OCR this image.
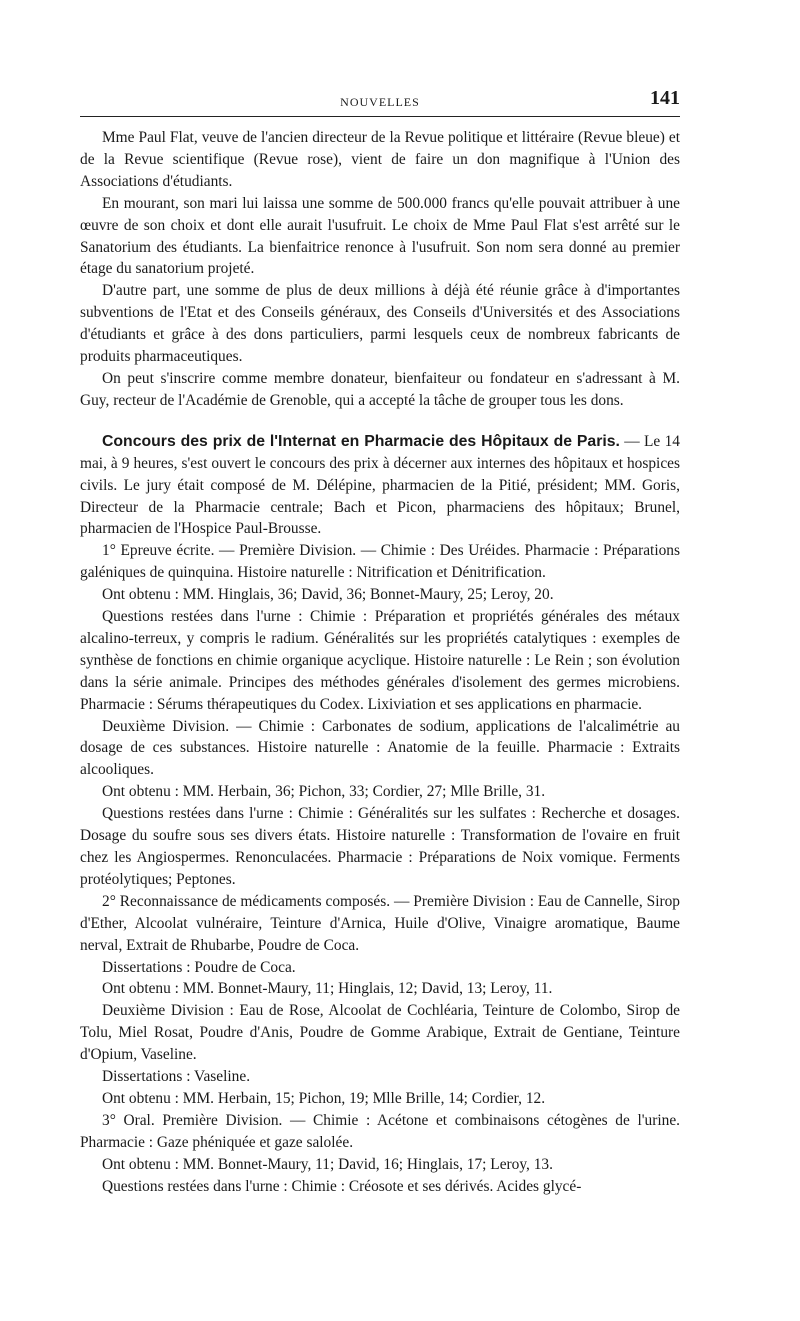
NOUVELLES	141

Mme Paul Flat, veuve de l'ancien directeur de la Revue politique et littéraire (Revue bleue) et de la Revue scientifique (Revue rose), vient de faire un don magnifique à l'Union des Associations d'étudiants.

En mourant, son mari lui laissa une somme de 500.000 francs qu'elle pouvait attribuer à une œuvre de son choix et dont elle aurait l'usufruit. Le choix de Mme Paul Flat s'est arrêté sur le Sanatorium des étudiants. La bienfaitrice renonce à l'usufruit. Son nom sera donné au premier étage du sanatorium projeté.

D'autre part, une somme de plus de deux millions à déjà été réunie grâce à d'importantes subventions de l'Etat et des Conseils généraux, des Conseils d'Universités et des Associations d'étudiants et grâce à des dons particuliers, parmi lesquels ceux de nombreux fabricants de produits pharmaceutiques.

On peut s'inscrire comme membre donateur, bienfaiteur ou fondateur en s'adressant à M. Guy, recteur de l'Académie de Grenoble, qui a accepté la tâche de grouper tous les dons.

Concours des prix de l'Internat en Pharmacie des Hôpitaux de Paris. — Le 14 mai, à 9 heures, s'est ouvert le concours des prix à décerner aux internes des hôpitaux et hospices civils. Le jury était composé de M. Délépine, pharmacien de la Pitié, président; MM. Goris, Directeur de la Pharmacie centrale; Bach et Picon, pharmaciens des hôpitaux; Brunel, pharmacien de l'Hospice Paul-Brousse.

1° Epreuve écrite. — Première Division. — Chimie : Des Uréides. Pharmacie : Préparations galéniques de quinquina. Histoire naturelle : Nitrification et Dénitrification.

Ont obtenu : MM. Hinglais, 36; David, 36; Bonnet-Maury, 25; Leroy, 20.

Questions restées dans l'urne : Chimie : Préparation et propriétés générales des métaux alcalino-terreux, y compris le radium. Généralités sur les propriétés catalytiques : exemples de synthèse de fonctions en chimie organique acyclique. Histoire naturelle : Le Rein ; son évolution dans la série animale. Principes des méthodes générales d'isolement des germes microbiens. Pharmacie : Sérums thérapeutiques du Codex. Lixiviation et ses applications en pharmacie.

Deuxième Division. — Chimie : Carbonates de sodium, applications de l'alcalimétrie au dosage de ces substances. Histoire naturelle : Anatomie de la feuille. Pharmacie : Extraits alcooliques.

Ont obtenu : MM. Herbain, 36; Pichon, 33; Cordier, 27; Mlle Brille, 31.

Questions restées dans l'urne : Chimie : Généralités sur les sulfates : Recherche et dosages. Dosage du soufre sous ses divers états. Histoire naturelle : Transformation de l'ovaire en fruit chez les Angiospermes. Renonculacées. Pharmacie : Préparations de Noix vomique. Ferments protéolytiques; Peptones.

2° Reconnaissance de médicaments composés. — Première Division : Eau de Cannelle, Sirop d'Ether, Alcoolat vulnéraire, Teinture d'Arnica, Huile d'Olive, Vinaigre aromatique, Baume nerval, Extrait de Rhubarbe, Poudre de Coca.

Dissertations : Poudre de Coca.

Ont obtenu : MM. Bonnet-Maury, 11; Hinglais, 12; David, 13; Leroy, 11.

Deuxième Division : Eau de Rose, Alcoolat de Cochléaria, Teinture de Colombo, Sirop de Tolu, Miel Rosat, Poudre d'Anis, Poudre de Gomme Arabique, Extrait de Gentiane, Teinture d'Opium, Vaseline.

Dissertations : Vaseline.

Ont obtenu : MM. Herbain, 15; Pichon, 19; Mlle Brille, 14; Cordier, 12.

3° Oral. Première Division. — Chimie : Acétone et combinaisons cétogènes de l'urine. Pharmacie : Gaze phéniquée et gaze salolée.

Ont obtenu : MM. Bonnet-Maury, 11; David, 16; Hinglais, 17; Leroy, 13.

Questions restées dans l'urne : Chimie : Créosote et ses dérivés. Acides glycé-
